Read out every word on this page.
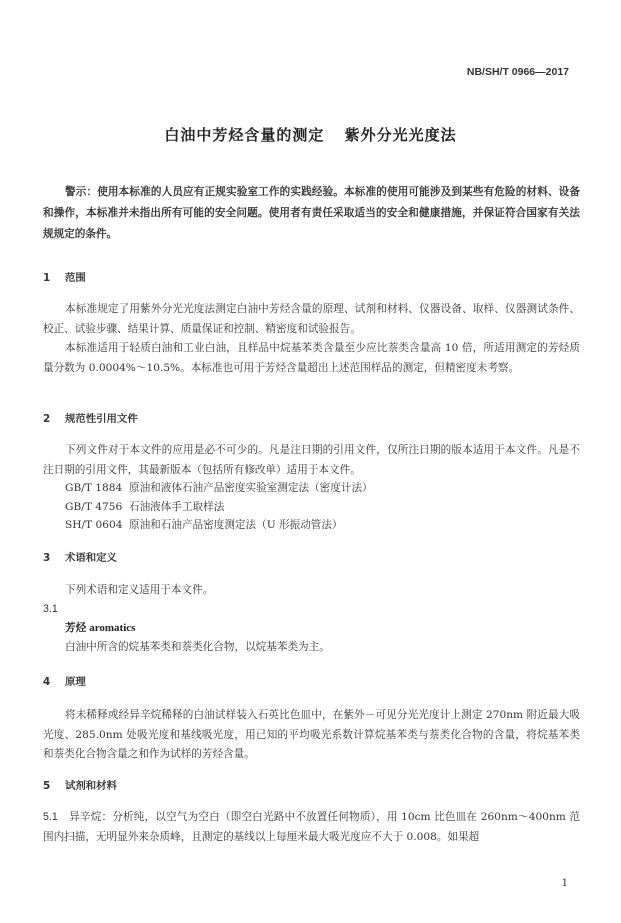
NB/SH/T 0966—2017
白油中芳烃含量的测定 紫外分光光度法

警示：使用本标准的人员应有正规实验室工作的实践经验。本标准的使用可能涉及到某些有危险的材料、设备和操作，本标准并未指出所有可能的安全问题。使用者有责任采取适当的安全和健康措施，并保证符合国家有关法规规定的条件。

1 范围

本标准规定了用紫外分光光度法测定白油中芳烃含量的原理、试剂和材料、仪器设备、取样、仪器测试条件、校正、试验步骤、结果计算、质量保证和控制、精密度和试验报告。

本标准适用于轻质白油和工业白油，且样品中烷基苯类含量至少应比萘类含量高 10 倍，所适用测定的芳烃质量分数为 0.0004%～10.5%。本标准也可用于芳烃含量超出上述范围样品的测定，但精密度未考察。

2 规范性引用文件

下列文件对于本文件的应用是必不可少的。凡是注日期的引用文件，仅所注日期的版本适用于本文件。凡是不注日期的引用文件，其最新版本（包括所有修改单）适用于本文件。

GB/T 1884 原油和液体石油产品密度实验室测定法（密度计法）
GB/T 4756 石油液体手工取样法
SH/T 0604 原油和石油产品密度测定法（U 形振动管法）
3 术语和定义

下列术语和定义适用于本文件。

3.1
芳烃 aromatics
白油中所含的烷基苯类和萘类化合物，以烷基苯类为主。
4 原理

将未稀释或经异辛烷稀释的白油试样装入石英比色皿中，在紫外－可见分光光度计上测定 270nm 附近最大吸光度、285.0nm 处吸光度和基线吸光度，用已知的平均吸光系数计算烷基苯类与萘类化合物的含量，将烷基苯类和萘类化合物含量之和作为试样的芳烃含量。

5 试剂和材料

5.1 异辛烷：分析纯，以空气为空白（即空白光路中不放置任何物质），用 10cm 比色皿在 260nm～400nm 范围内扫描，无明显外来杂质峰，且测定的基线以上每厘米最大吸光度应不大于 0.008。如果超

1
